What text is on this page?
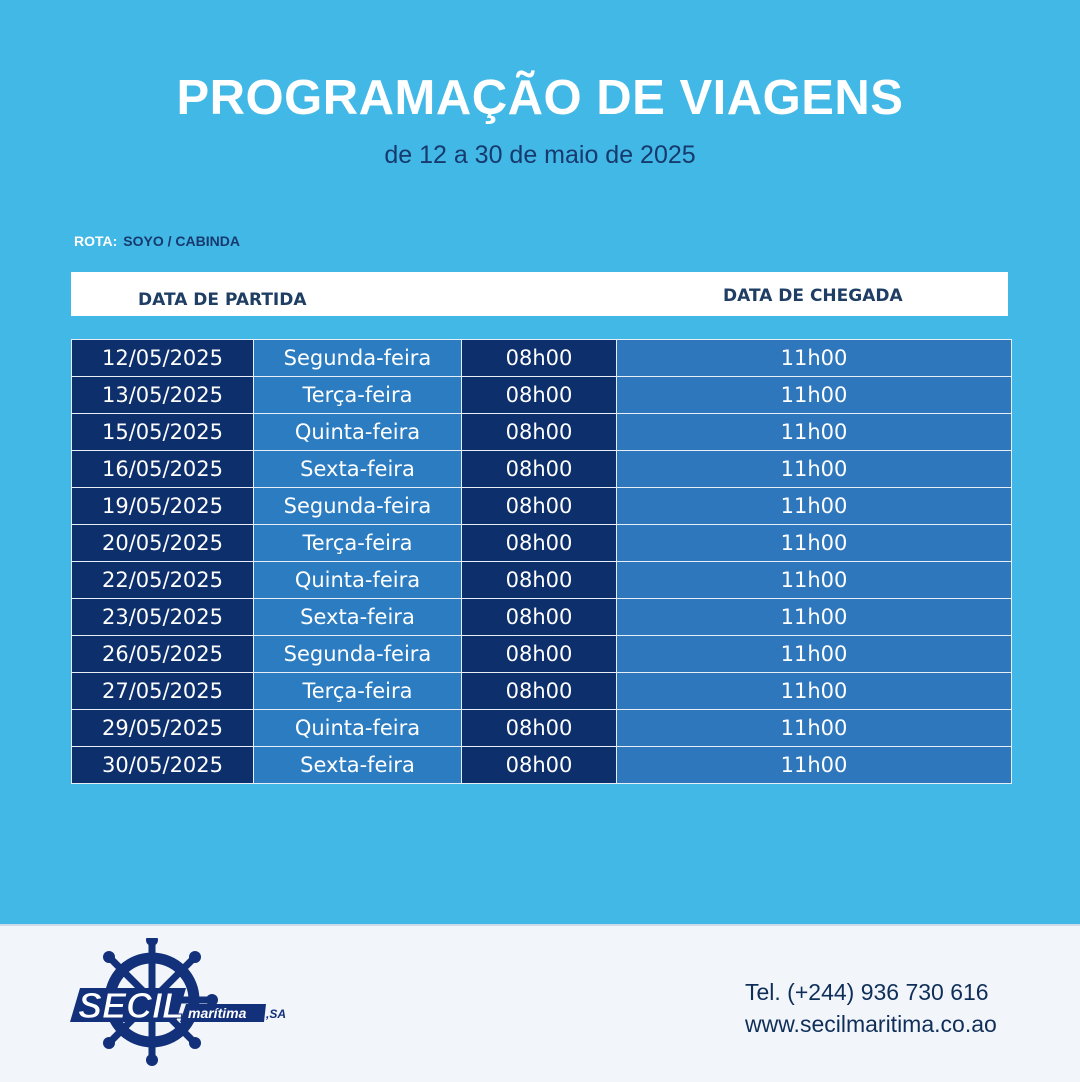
PROGRAMAÇÃO DE VIAGENS
de 12 a 30 de maio de 2025
ROTA: SOYO / CABINDA
DATA DE PARTIDA	DATA DE CHEGADA
12/05/2025	Segunda-feira	08h00	11h00
13/05/2025	Terça-feira	08h00	11h00
15/05/2025	Quinta-feira	08h00	11h00
16/05/2025	Sexta-feira	08h00	11h00
19/05/2025	Segunda-feira	08h00	11h00
20/05/2025	Terça-feira	08h00	11h00
22/05/2025	Quinta-feira	08h00	11h00
23/05/2025	Sexta-feira	08h00	11h00
26/05/2025	Segunda-feira	08h00	11h00
27/05/2025	Terça-feira	08h00	11h00
29/05/2025	Quinta-feira	08h00	11h00
30/05/2025	Sexta-feira	08h00	11h00
SECIL marítima ,SA
Tel. (+244) 936 730 616
www.secilmaritima.co.ao
